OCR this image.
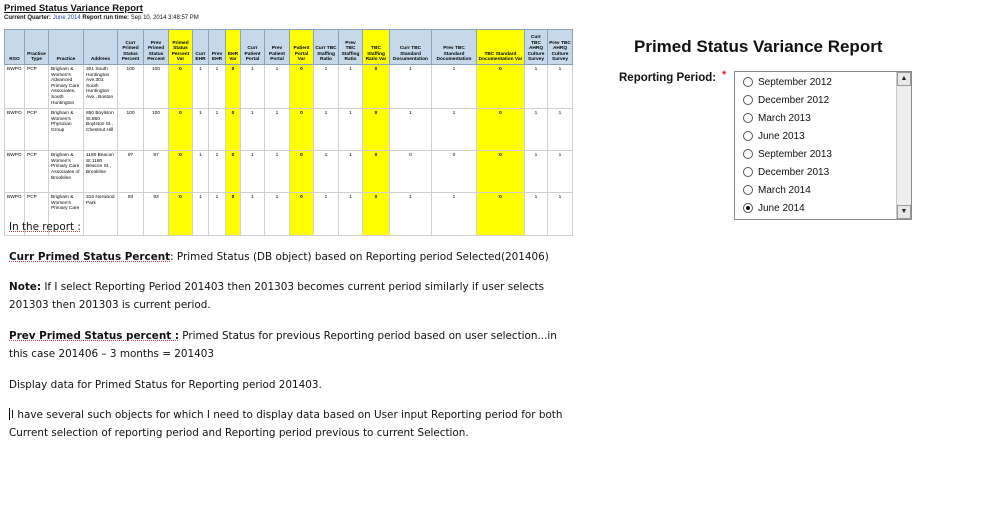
Primed Status Variance Report
Current Quarter: June 2014 Report run time: Sep 10, 2014 3:48:57 PM
RSO	Practice Type	Practice	Address	Curr Primed Status Percent	Prev Primed Status Percent	Primed Status Percent Var	Curr EHR	Prev EHR	EHR Var	Curr Patient Portal	Prev Patient Portal	Patient Portal Var	Curr TBC Staffing Ratio	Prev TBC Staffing Ratio	TBC Staffing Ratio Var	Curr TBC Standard Documentation	Prev TBC Standard Documentation	TBC Standard Documentation Var	Curr TBC AHRQ Culture Survey	Prev TBC AHRQ Culture Survey
BWPO	PCP	Brigham & Women's Advanced Primary Care Associates, South Huntington	301 South Huntington Ave.301 South Huntington Ave., Boston	100	100	0	1	1	0	1	1	0	1	1	0	1	1	0	1	1
BWPO	PCP	Brigham & Women's Physician Group	850 Boylston St.850 Boylston St., Chestnut Hill	100	100	0	1	1	0	1	1	0	1	1	0	1	1	0	1	1
BWPO	PCP	Brigham & Women's Primary Care Associates of Brookline	1180 Beacon St.1180 Beacon St., Brookline	97	97	0	1	1	0	1	1	0	1	1	0	0	0	0	1	1
BWPO	PCP	Brigham & Women's Primary Care	315 Norwood Park	93	93	0	1	1	0	1	1	0	1	1	0	1	1	0	1	1

In the report :

Curr Primed Status Percent: Primed Status (DB object) based on Reporting period Selected(201406)

Note: If I select Reporting Period 201403 then 201303 becomes current period similarly if user selects 201303 then 201303 is current period.

Prev Primed Status percent : Primed Status for previous Reporting period based on user selection...in this case 201406 – 3 months = 201403

Display data for Primed Status for Reporting period 201403.

I have several such objects for which I need to display data based on User input Reporting period for both Current selection of reporting period and Reporting period previous to current Selection.

Primed Status Variance Report
Reporting Period: *
September 2012
December 2012
March 2013
June 2013
September 2013
December 2013
March 2014
June 2014
▲
▼
